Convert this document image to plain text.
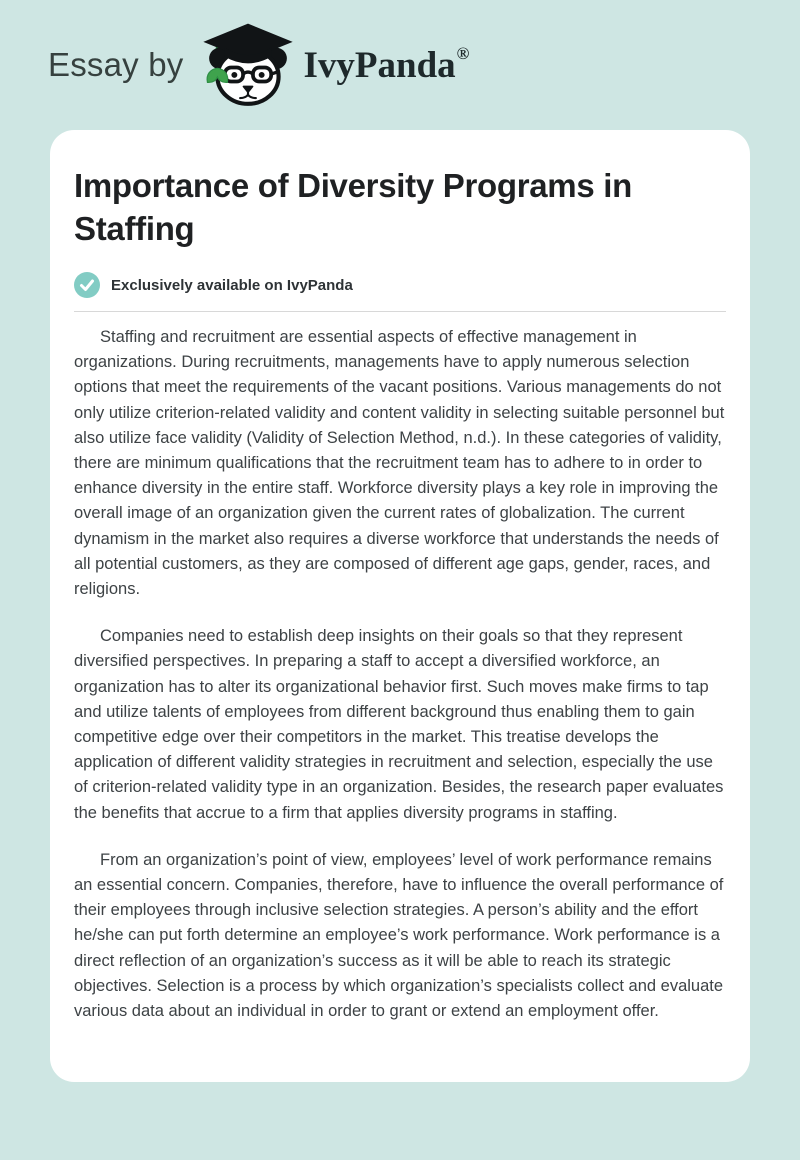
Essay by	IvyPanda ®
Importance of Diversity Programs in Staffing
Exclusively available on IvyPanda

Staffing and recruitment are essential aspects of effective management in organizations. During recruitments, managements have to apply numerous selection options that meet the requirements of the vacant positions. Various managements do not only utilize criterion-related validity and content validity in selecting suitable personnel but also utilize face validity (Validity of Selection Method, n.d.). In these categories of validity, there are minimum qualifications that the recruitment team has to adhere to in order to enhance diversity in the entire staff. Workforce diversity plays a key role in improving the overall image of an organization given the current rates of globalization. The current dynamism in the market also requires a diverse workforce that understands the needs of all potential customers, as they are composed of different age gaps, gender, races, and religions.

Companies need to establish deep insights on their goals so that they represent diversified perspectives. In preparing a staff to accept a diversified workforce, an organization has to alter its organizational behavior first. Such moves make firms to tap and utilize talents of employees from different background thus enabling them to gain competitive edge over their competitors in the market. This treatise develops the application of different validity strategies in recruitment and selection, especially the use of criterion-related validity type in an organization. Besides, the research paper evaluates the benefits that accrue to a firm that applies diversity programs in staffing.

From an organization’s point of view, employees’ level of work performance remains an essential concern. Companies, therefore, have to influence the overall performance of their employees through inclusive selection strategies. A person’s ability and the effort he/she can put forth determine an employee’s work performance. Work performance is a direct reflection of an organization’s success as it will be able to reach its strategic objectives. Selection is a process by which organization’s specialists collect and evaluate various data about an individual in order to grant or extend an employment offer.
